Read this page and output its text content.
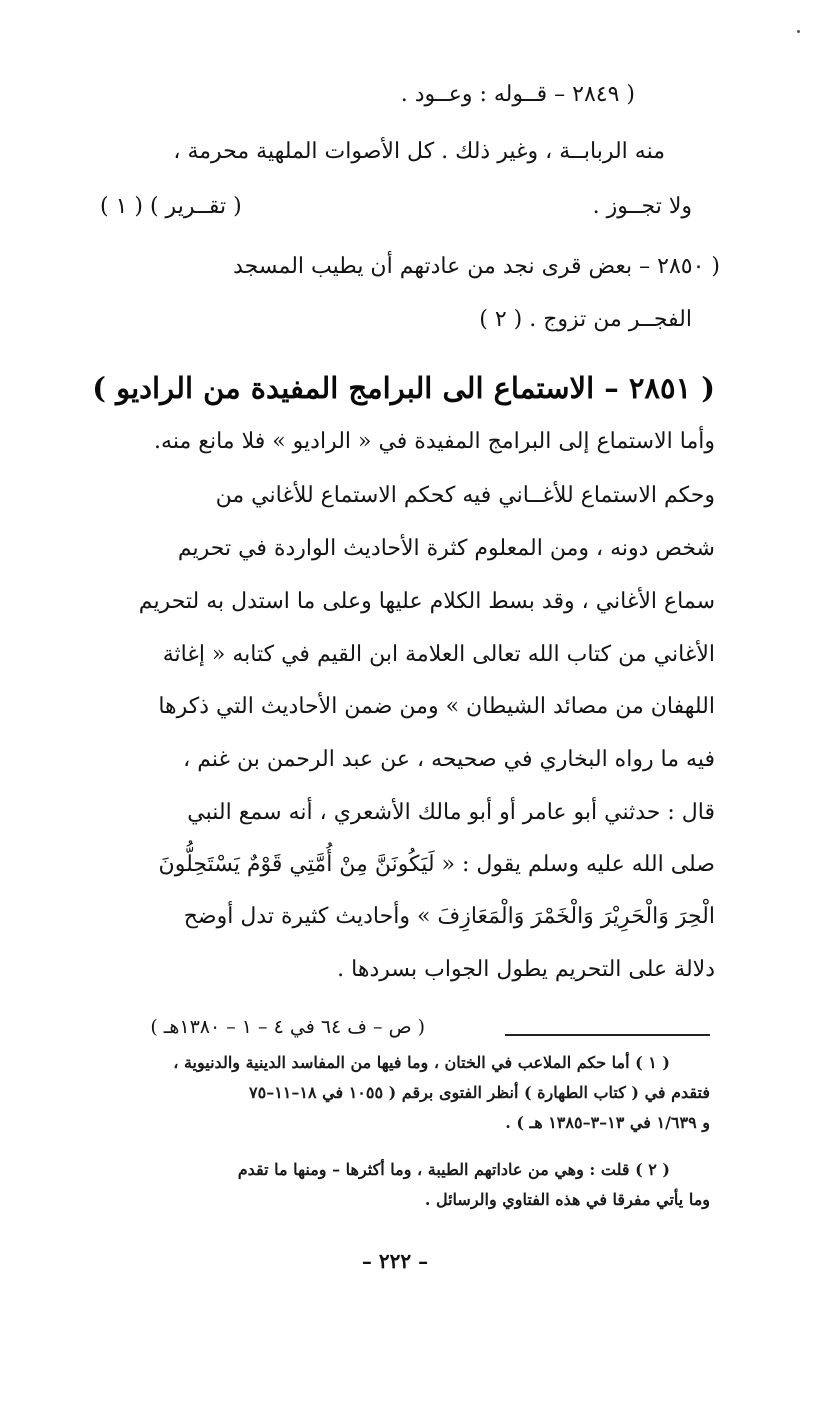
( ٢٨٤٩ – قــوله : وعــود .
منه الربابــة ، وغير ذلك . كل الأصوات الملهية محرمة ،
ولا تجــوز .
( تقــرير ) ( ١ )
( ٢٨٥٠ – بعض قرى نجد من عادتهم أن يطيب المسجد
الفجــر من تزوج . ( ٢ )
( ٢٨٥١ – الاستماع الى البرامج المفيدة من الراديو )
وأما الاستماع إلى البرامج المفيدة في « الراديو » فلا مانع منه.
وحكم الاستماع للأغــاني فيه كحكم الاستماع للأغاني من
شخص دونه ، ومن المعلوم كثرة الأحاديث الواردة في تحريم
سماع الأغاني ، وقد بسط الكلام عليها وعلى ما استدل به لتحريم
الأغاني من كتاب الله تعالى العلامة ابن القيم في كتابه « إغاثة
اللهفان من مصائد الشيطان » ومن ضمن الأحاديث التي ذكرها
فيه ما رواه البخاري في صحيحه ، عن عبد الرحمن بن غنم ،
قال : حدثني أبو عامر أو أبو مالك الأشعري ، أنه سمع النبي
صلى الله عليه وسلم يقول : « لَيَكُونَنَّ مِنْ أُمَّتِي قَوْمٌ يَسْتَحِلُّونَ
الْحِرَ وَالْحَرِيْرَ وَالْخَمْرَ وَالْمَعَازِفَ » وأحاديث كثيرة تدل أوضح
دلالة على التحريم يطول الجواب بسردها .
( ص – ف ٦٤ في ٤ – ١ – ١٣٨٠هـ )
( ١ ) أما حكم الملاعب في الختان ، وما فيها من المفاسد الدينية والدنيوية ،
فتقدم في ( كتاب الطهارة ) أنظر الفتوى برقم ( ١٠٥٥ في ١٨–١١–٧٥
و ١/٦٣٩ في ١٣–٣–١٣٨٥ هـ ) .
( ٢ ) قلت : وهي من عاداتهم الطيبة ، وما أكثرها – ومنها ما تقدم
وما يأتي مفرقا في هذه الفتاوي والرسائل .
– ٢٢٢ –
